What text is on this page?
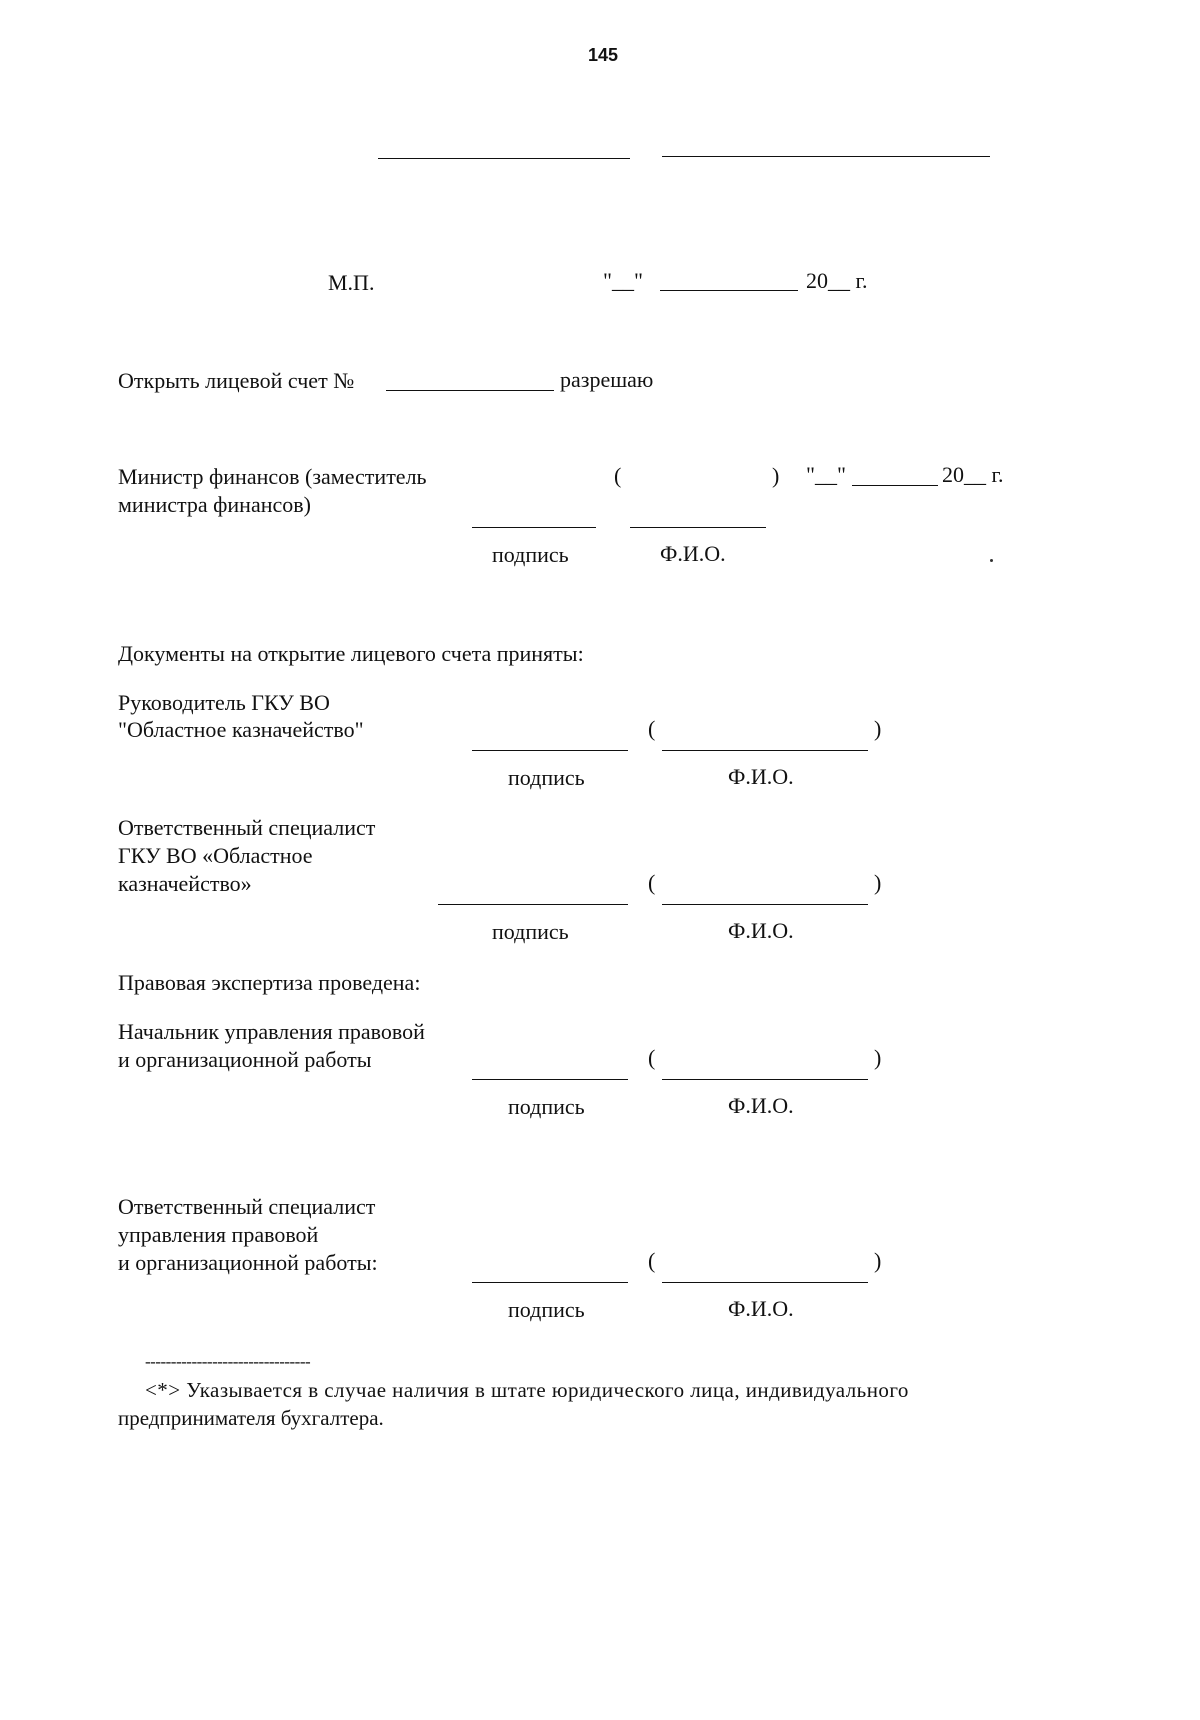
145
М.П.	"__"	20__ г.
Открыть лицевой счет №	разрешаю
Министр финансов (заместитель
министра финансов)
(	) "__"	20__ г.
подпись	Ф.И.О.
Документы на открытие лицевого счета приняты:
Руководитель ГКУ ВО
"Областное казначейство"	(	)
подпись	Ф.И.О.
Ответственный специалист
ГКУ ВО «Областное
казначейство»	(	)
подпись	Ф.И.О.
Правовая экспертиза проведена:
Начальник управления правовой
и организационной работы	(	)
подпись	Ф.И.О.
Ответственный специалист
управления правовой
и организационной работы:	(	)
подпись	Ф.И.О.
--------------------------------
<*> Указывается в случае наличия в штате юридического лица, индивидуального
предпринимателя бухгалтера.
